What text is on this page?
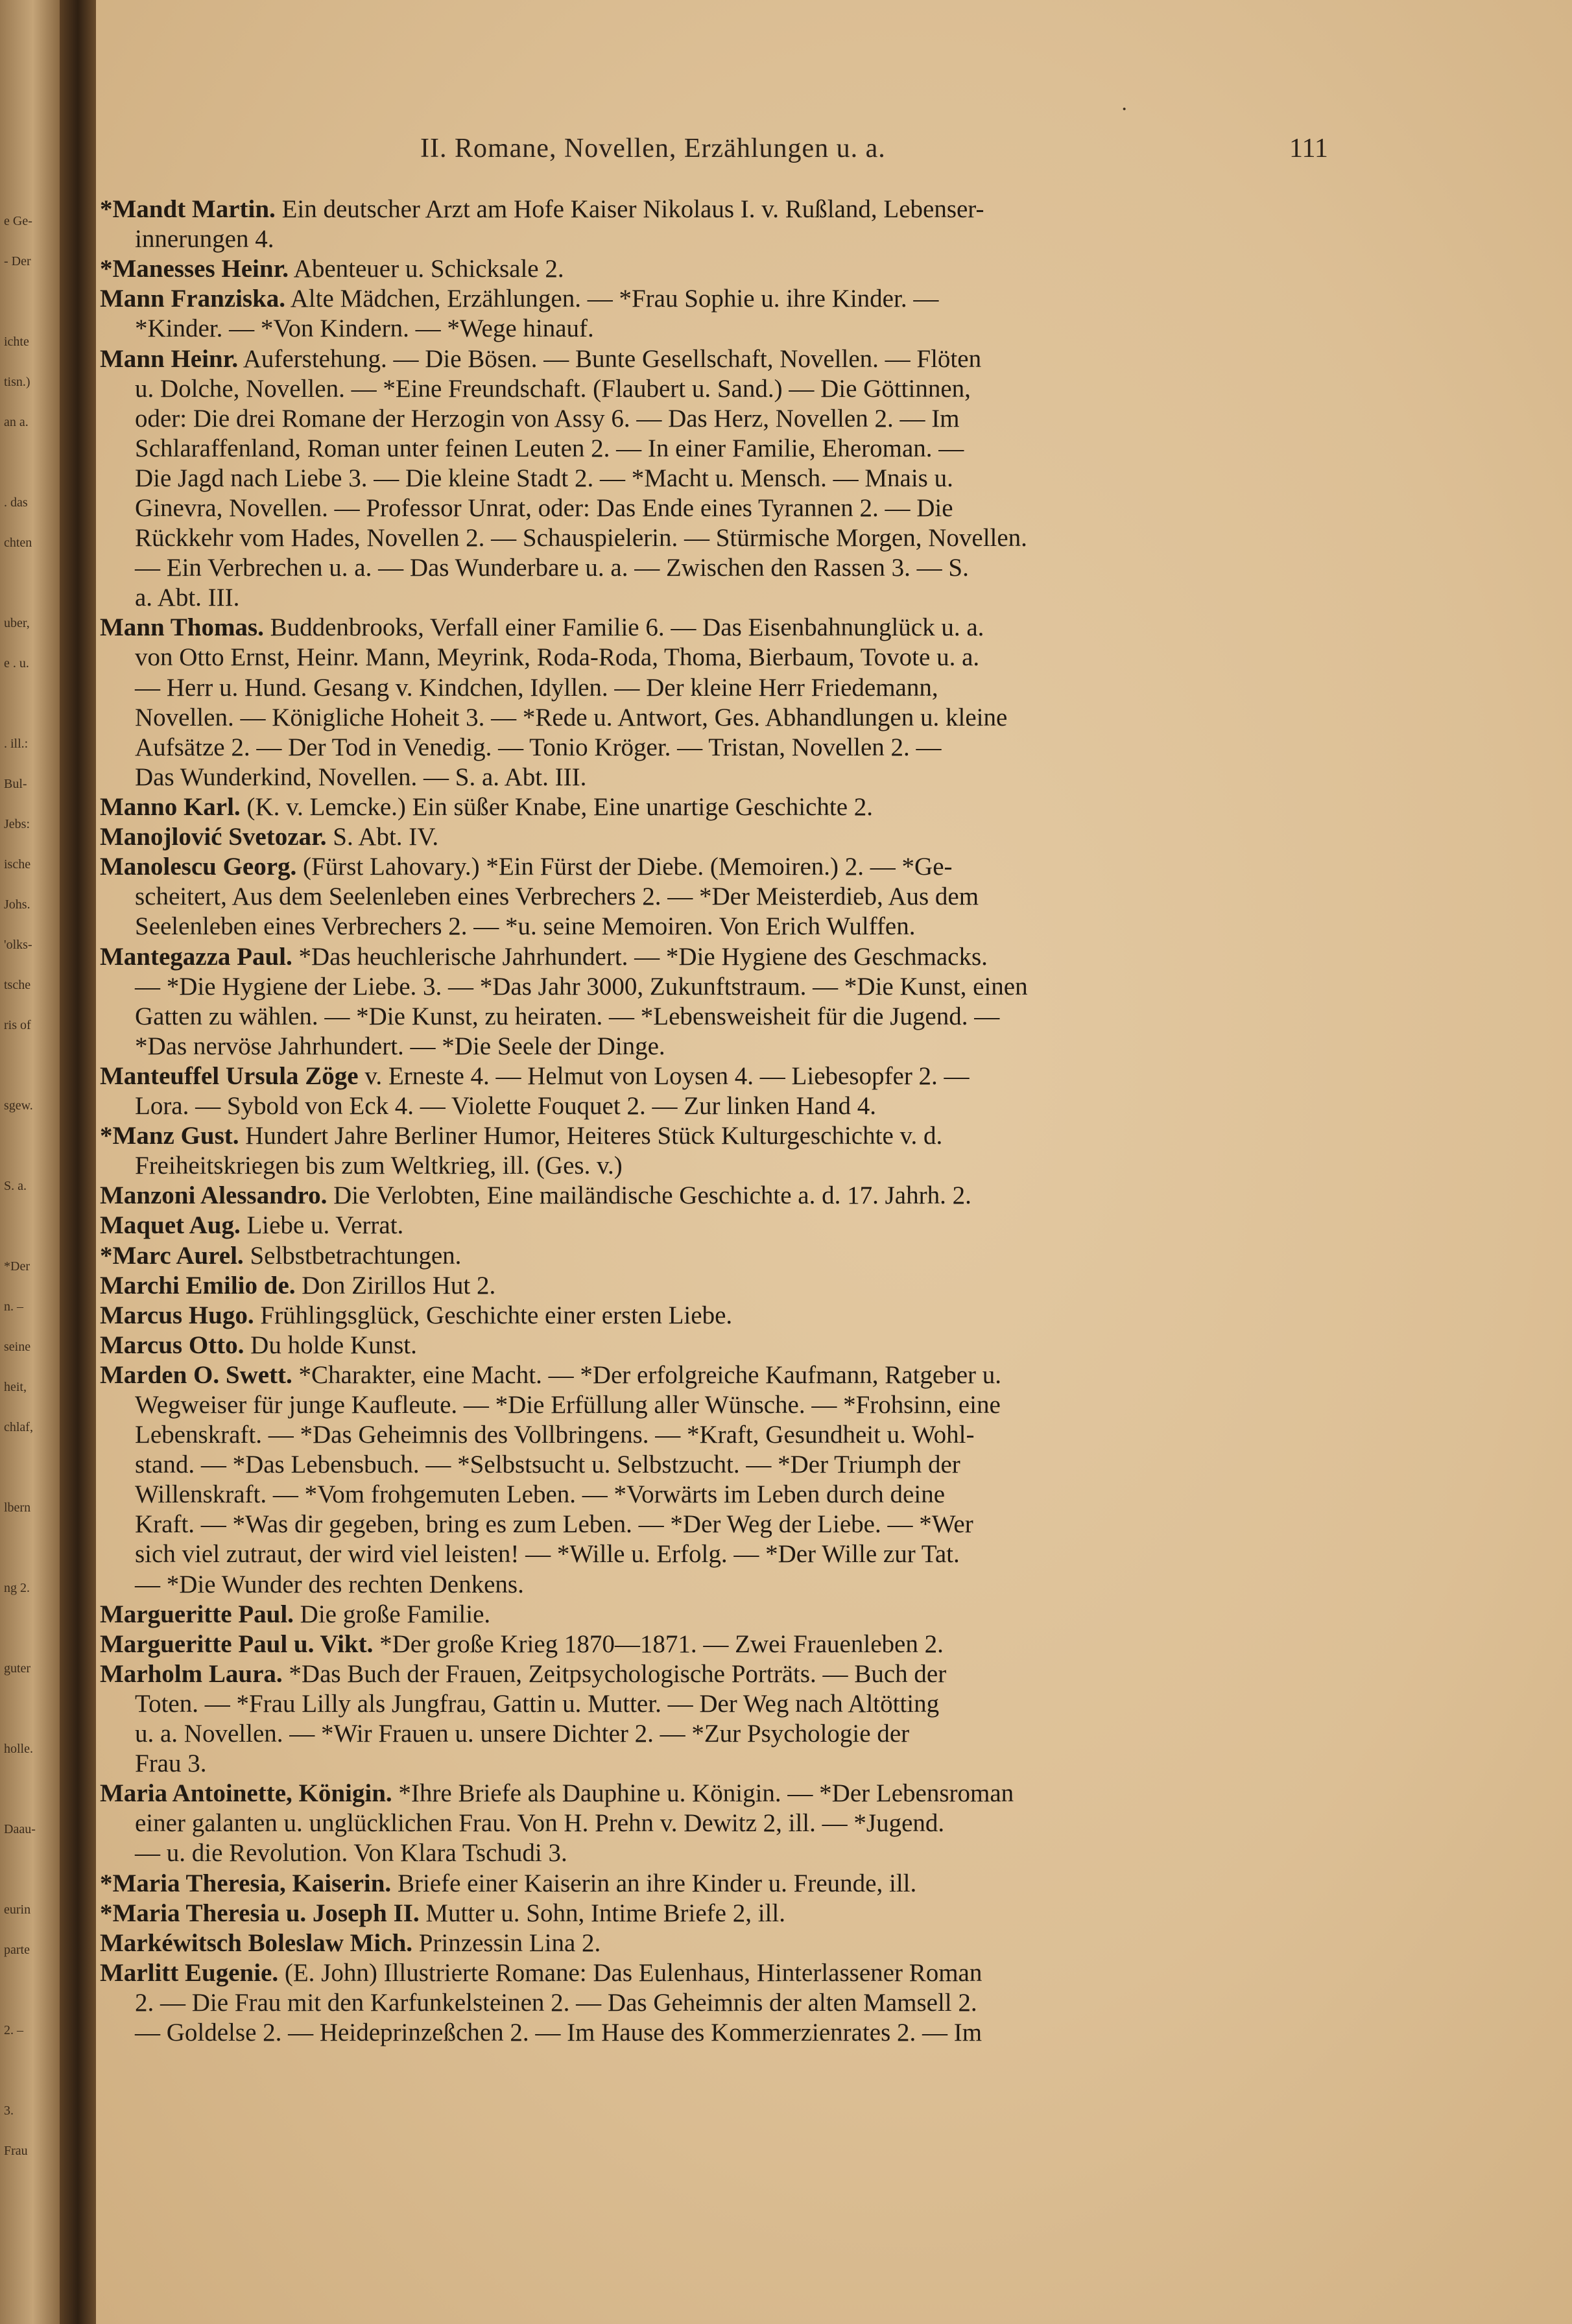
e Ge-
- Der
ichte
tisn.)
an a.
. das
chten
uber,
e . u.
. ill.:
Bul-
Jebs:
ische
Johs.
'olks-
tsche
ris of
sgew.
S. a.
*Der
n. –
seine
heit,
chlaf,
lbern
ng 2.
guter
holle.
Daau-
eurin
parte
2. –
3.
Frau
II. Romane, Novellen, Erzählungen u. a.	111
*Mandt Martin. Ein deutscher Arzt am Hofe Kaiser Nikolaus I. v. Rußland, Lebenser-
innerungen 4.
*Manesses Heinr. Abenteuer u. Schicksale 2.
Mann Franziska. Alte Mädchen, Erzählungen. — *Frau Sophie u. ihre Kinder. —
*Kinder. — *Von Kindern. — *Wege hinauf.
Mann Heinr. Auferstehung. — Die Bösen. — Bunte Gesellschaft, Novellen. — Flöten
u. Dolche, Novellen. — *Eine Freundschaft. (Flaubert u. Sand.) — Die Göttinnen,
oder: Die drei Romane der Herzogin von Assy 6. — Das Herz, Novellen 2. — Im
Schlaraffenland, Roman unter feinen Leuten 2. — In einer Familie, Eheroman. —
Die Jagd nach Liebe 3. — Die kleine Stadt 2. — *Macht u. Mensch. — Mnais u.
Ginevra, Novellen. — Professor Unrat, oder: Das Ende eines Tyrannen 2. — Die
Rückkehr vom Hades, Novellen 2. — Schauspielerin. — Stürmische Morgen, Novellen.
— Ein Verbrechen u. a. — Das Wunderbare u. a. — Zwischen den Rassen 3. — S.
a. Abt. III.
Mann Thomas. Buddenbrooks, Verfall einer Familie 6. — Das Eisenbahnunglück u. a.
von Otto Ernst, Heinr. Mann, Meyrink, Roda-Roda, Thoma, Bierbaum, Tovote u. a.
— Herr u. Hund. Gesang v. Kindchen, Idyllen. — Der kleine Herr Friedemann,
Novellen. — Königliche Hoheit 3. — *Rede u. Antwort, Ges. Abhandlungen u. kleine
Aufsätze 2. — Der Tod in Venedig. — Tonio Kröger. — Tristan, Novellen 2. —
Das Wunderkind, Novellen. — S. a. Abt. III.
Manno Karl. (K. v. Lemcke.) Ein süßer Knabe, Eine unartige Geschichte 2.
Manojlović Svetozar. S. Abt. IV.
Manolescu Georg. (Fürst Lahovary.) *Ein Fürst der Diebe. (Memoiren.) 2. — *Ge-
scheitert, Aus dem Seelenleben eines Verbrechers 2. — *Der Meisterdieb, Aus dem
Seelenleben eines Verbrechers 2. — *u. seine Memoiren. Von Erich Wulffen.
Mantegazza Paul. *Das heuchlerische Jahrhundert. — *Die Hygiene des Geschmacks.
— *Die Hygiene der Liebe. 3. — *Das Jahr 3000, Zukunftstraum. — *Die Kunst, einen
Gatten zu wählen. — *Die Kunst, zu heiraten. — *Lebensweisheit für die Jugend. —
*Das nervöse Jahrhundert. — *Die Seele der Dinge.
Manteuffel Ursula Zöge v. Erneste 4. — Helmut von Loysen 4. — Liebesopfer 2. —
Lora. — Sybold von Eck 4. — Violette Fouquet 2. — Zur linken Hand 4.
*Manz Gust. Hundert Jahre Berliner Humor, Heiteres Stück Kulturgeschichte v. d.
Freiheitskriegen bis zum Weltkrieg, ill. (Ges. v.)
Manzoni Alessandro. Die Verlobten, Eine mailändische Geschichte a. d. 17. Jahrh. 2.
Maquet Aug. Liebe u. Verrat.
*Marc Aurel. Selbstbetrachtungen.
Marchi Emilio de. Don Zirillos Hut 2.
Marcus Hugo. Frühlingsglück, Geschichte einer ersten Liebe.
Marcus Otto. Du holde Kunst.
Marden O. Swett. *Charakter, eine Macht. — *Der erfolgreiche Kaufmann, Ratgeber u.
Wegweiser für junge Kaufleute. — *Die Erfüllung aller Wünsche. — *Frohsinn, eine
Lebenskraft. — *Das Geheimnis des Vollbringens. — *Kraft, Gesundheit u. Wohl-
stand. — *Das Lebensbuch. — *Selbstsucht u. Selbstzucht. — *Der Triumph der
Willenskraft. — *Vom frohgemuten Leben. — *Vorwärts im Leben durch deine
Kraft. — *Was dir gegeben, bring es zum Leben. — *Der Weg der Liebe. — *Wer
sich viel zutraut, der wird viel leisten! — *Wille u. Erfolg. — *Der Wille zur Tat.
— *Die Wunder des rechten Denkens.
Margueritte Paul. Die große Familie.
Margueritte Paul u. Vikt. *Der große Krieg 1870—1871. — Zwei Frauenleben 2.
Marholm Laura. *Das Buch der Frauen, Zeitpsychologische Porträts. — Buch der
Toten. — *Frau Lilly als Jungfrau, Gattin u. Mutter. — Der Weg nach Altötting
u. a. Novellen. — *Wir Frauen u. unsere Dichter 2. — *Zur Psychologie der
Frau 3.
Maria Antoinette, Königin. *Ihre Briefe als Dauphine u. Königin. — *Der Lebensroman
einer galanten u. unglücklichen Frau. Von H. Prehn v. Dewitz 2, ill. — *Jugend.
— u. die Revolution. Von Klara Tschudi 3.
*Maria Theresia, Kaiserin. Briefe einer Kaiserin an ihre Kinder u. Freunde, ill.
*Maria Theresia u. Joseph II. Mutter u. Sohn, Intime Briefe 2, ill.
Markéwitsch Boleslaw Mich. Prinzessin Lina 2.
Marlitt Eugenie. (E. John) Illustrierte Romane: Das Eulenhaus, Hinterlassener Roman
2. — Die Frau mit den Karfunkelsteinen 2. — Das Geheimnis der alten Mamsell 2.
— Goldelse 2. — Heideprinzeßchen 2. — Im Hause des Kommerzienrates 2. — Im
·
